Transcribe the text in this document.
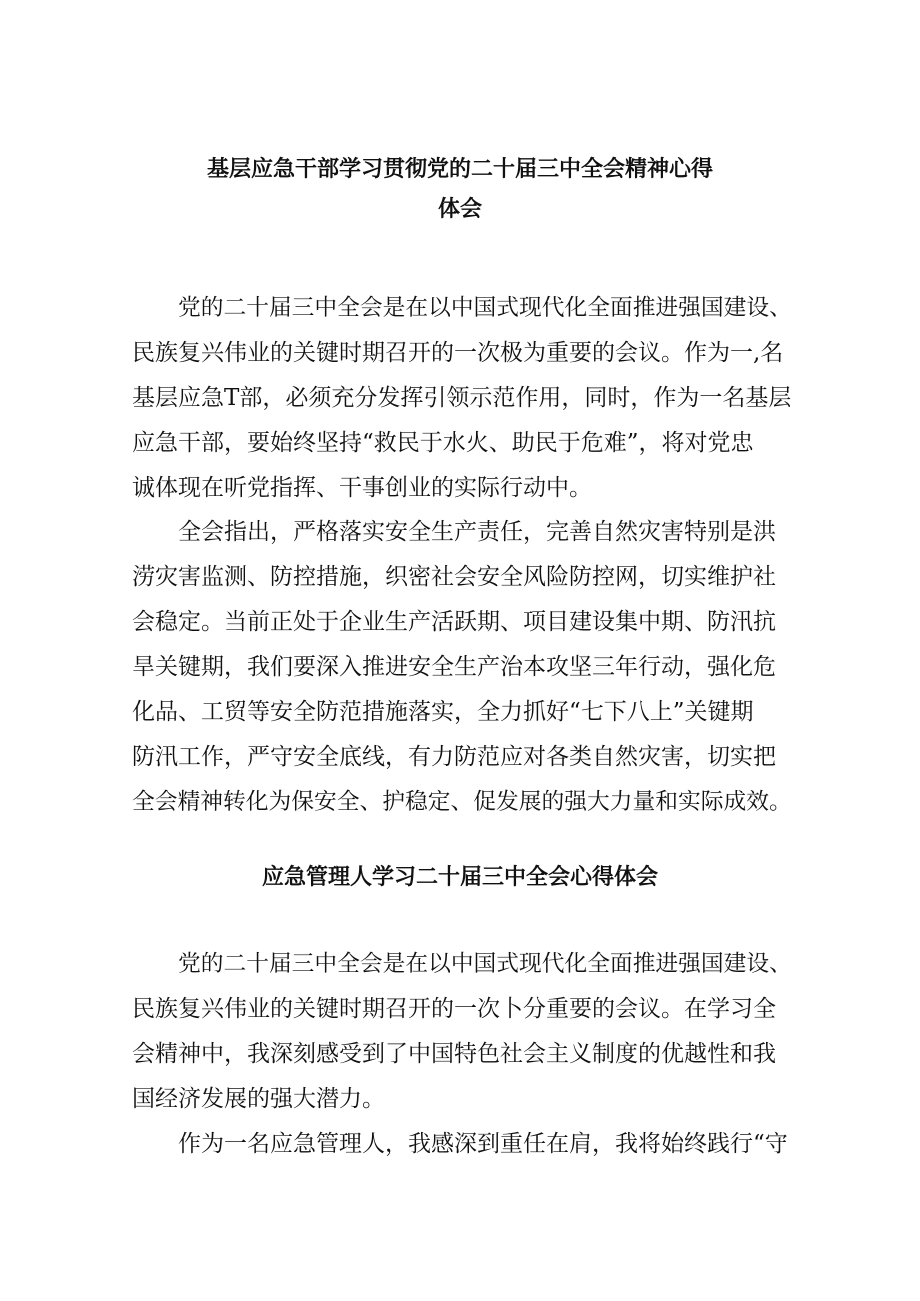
基层应急干部学习贯彻党的二十届三中全会精神心得
体会
党的二十届三中全会是在以中国式现代化全面推进强国建设、
民族复兴伟业的关键时期召开的一次极为重要的会议。作为一,名
基层应急T部，必须充分发挥引领示范作用，同时，作为一名基层
应急干部，要始终坚持“救民于水火、助民于危难”，将对党忠
诚体现在听党指挥、干事创业的实际行动中。
全会指出，严格落实安全生产责任，完善自然灾害特别是洪
涝灾害监测、防控措施，织密社会安全风险防控网，切实维护社
会稳定。当前正处于企业生产活跃期、项目建设集中期、防汛抗
旱关键期，我们要深入推进安全生产治本攻坚三年行动，强化危
化品、工贸等安全防范措施落实，全力抓好“七下八上”关键期
防汛工作，严守安全底线，有力防范应对各类自然灾害，切实把
全会精神转化为保安全、护稳定、促发展的强大力量和实际成效。
应急管理人学习二十届三中全会心得体会
党的二十届三中全会是在以中国式现代化全面推进强国建设、
民族复兴伟业的关键时期召开的一次卜分重要的会议。在学习全
会精神中，我深刻感受到了中国特色社会主义制度的优越性和我
国经济发展的强大潜力。
作为一名应急管理人，我感深到重任在肩，我将始终践行“守
